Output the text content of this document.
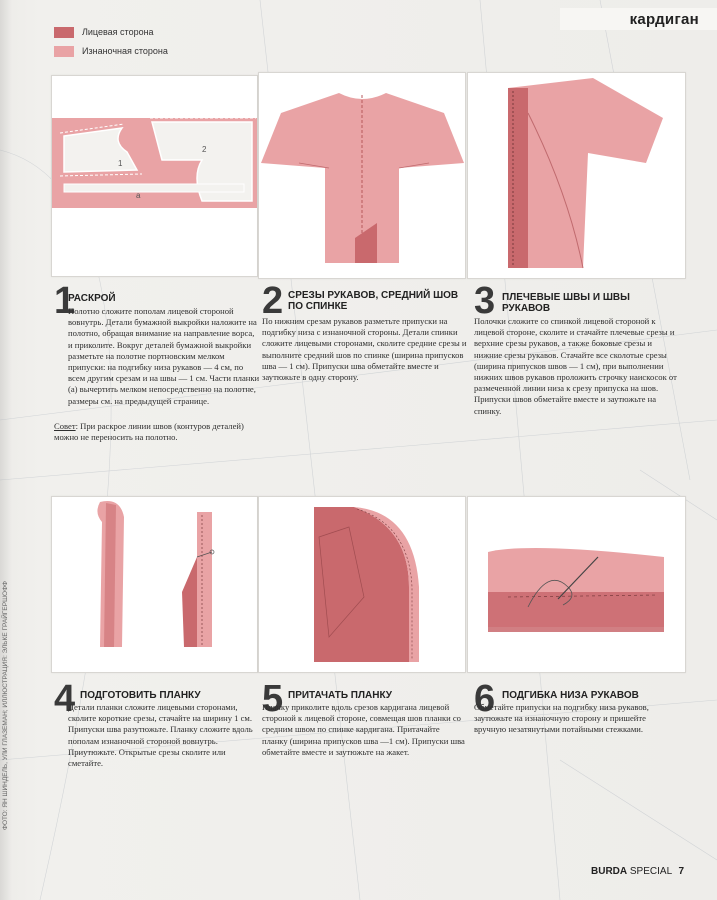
кардиган
Лицевая сторона
Изнаночная сторона
1
2
a
1
РАСКРОЙ
Полотно сложите пополам лицевой стороной вовнутрь. Детали бумажной выкройки наложите на полотно, обращая внимание на направление ворса, и приколите. Вокруг деталей бумажной выкройки разметьте на полотне портновским мелком припуски: на подгибку низа рукавов — 4 см, по всем другим срезам и на швы — 1 см. Части планки (а) вычертить мелком непосредственно на полотне, размеры см. на предыдущей странице.
Совет: При раскрое линии швов (контуров деталей) можно не переносить на полотно.
2 СРЕЗЫ РУКАВОВ, СРЕДНИЙ ШОВ ПО СПИНКЕ
По нижним срезам рукавов разметьте припуски на подгибку низа с изнаночной стороны. Детали спинки сложите лицевыми сторонами, сколите средние срезы и выполните средний шов по спинке (ширина припусков шва — 1 см). Припуски шва обметайте вместе и заутюжьте в одну сторону.
3 ПЛЕЧЕВЫЕ ШВЫ И ШВЫ РУКАВОВ
Полочки сложите со спинкой лицевой стороной к лицевой стороне, сколите и стачайте плечевые срезы и верхние срезы рукавов, а также боковые срезы и нижние срезы рукавов. Стачайте все сколотые срезы (ширина припусков швов — 1 см), при выполнении нижних швов рукавов проложить строчку наискосок от размеченной линии низа к срезу припуска на шов. Припуски швов обметайте вместе и заутюжьте на спинку.
4 ПОДГОТОВИТЬ ПЛАНКУ
Детали планки сложите лицевыми сторонами, сколите короткие срезы, стачайте на ширину 1 см. Припуски шва разутюжьте. Планку сложите вдоль пополам изнаночной стороной вовнутрь. Приутюжьте. Открытые срезы сколите или сметайте.
5 ПРИТАЧАТЬ ПЛАНКУ
Планку приколите вдоль срезов кардигана лицевой стороной к лицевой стороне, совмещая шов планки со средним швом по спинке кардигана. Притачайте планку (ширина припусков шва —1 см). Припуски шва обметайте вместе и заутюжьте на жакет.
6 ПОДГИБКА НИЗА РУКАВОВ
Обметайте припуски на подгибку низа рукавов, заутюжьте на изнаночную сторону и пришейте вручную незатянутыми потайными стежками.
BURDA SPECIAL 7
ФОТО: ЯН ШИНДЕЛЬ, УЛИ ГЛАЗЕМАН; ИЛЛЮСТРАЦИЯ: ЭЛЬКЕ ГРАЙГЕРШОФФ
